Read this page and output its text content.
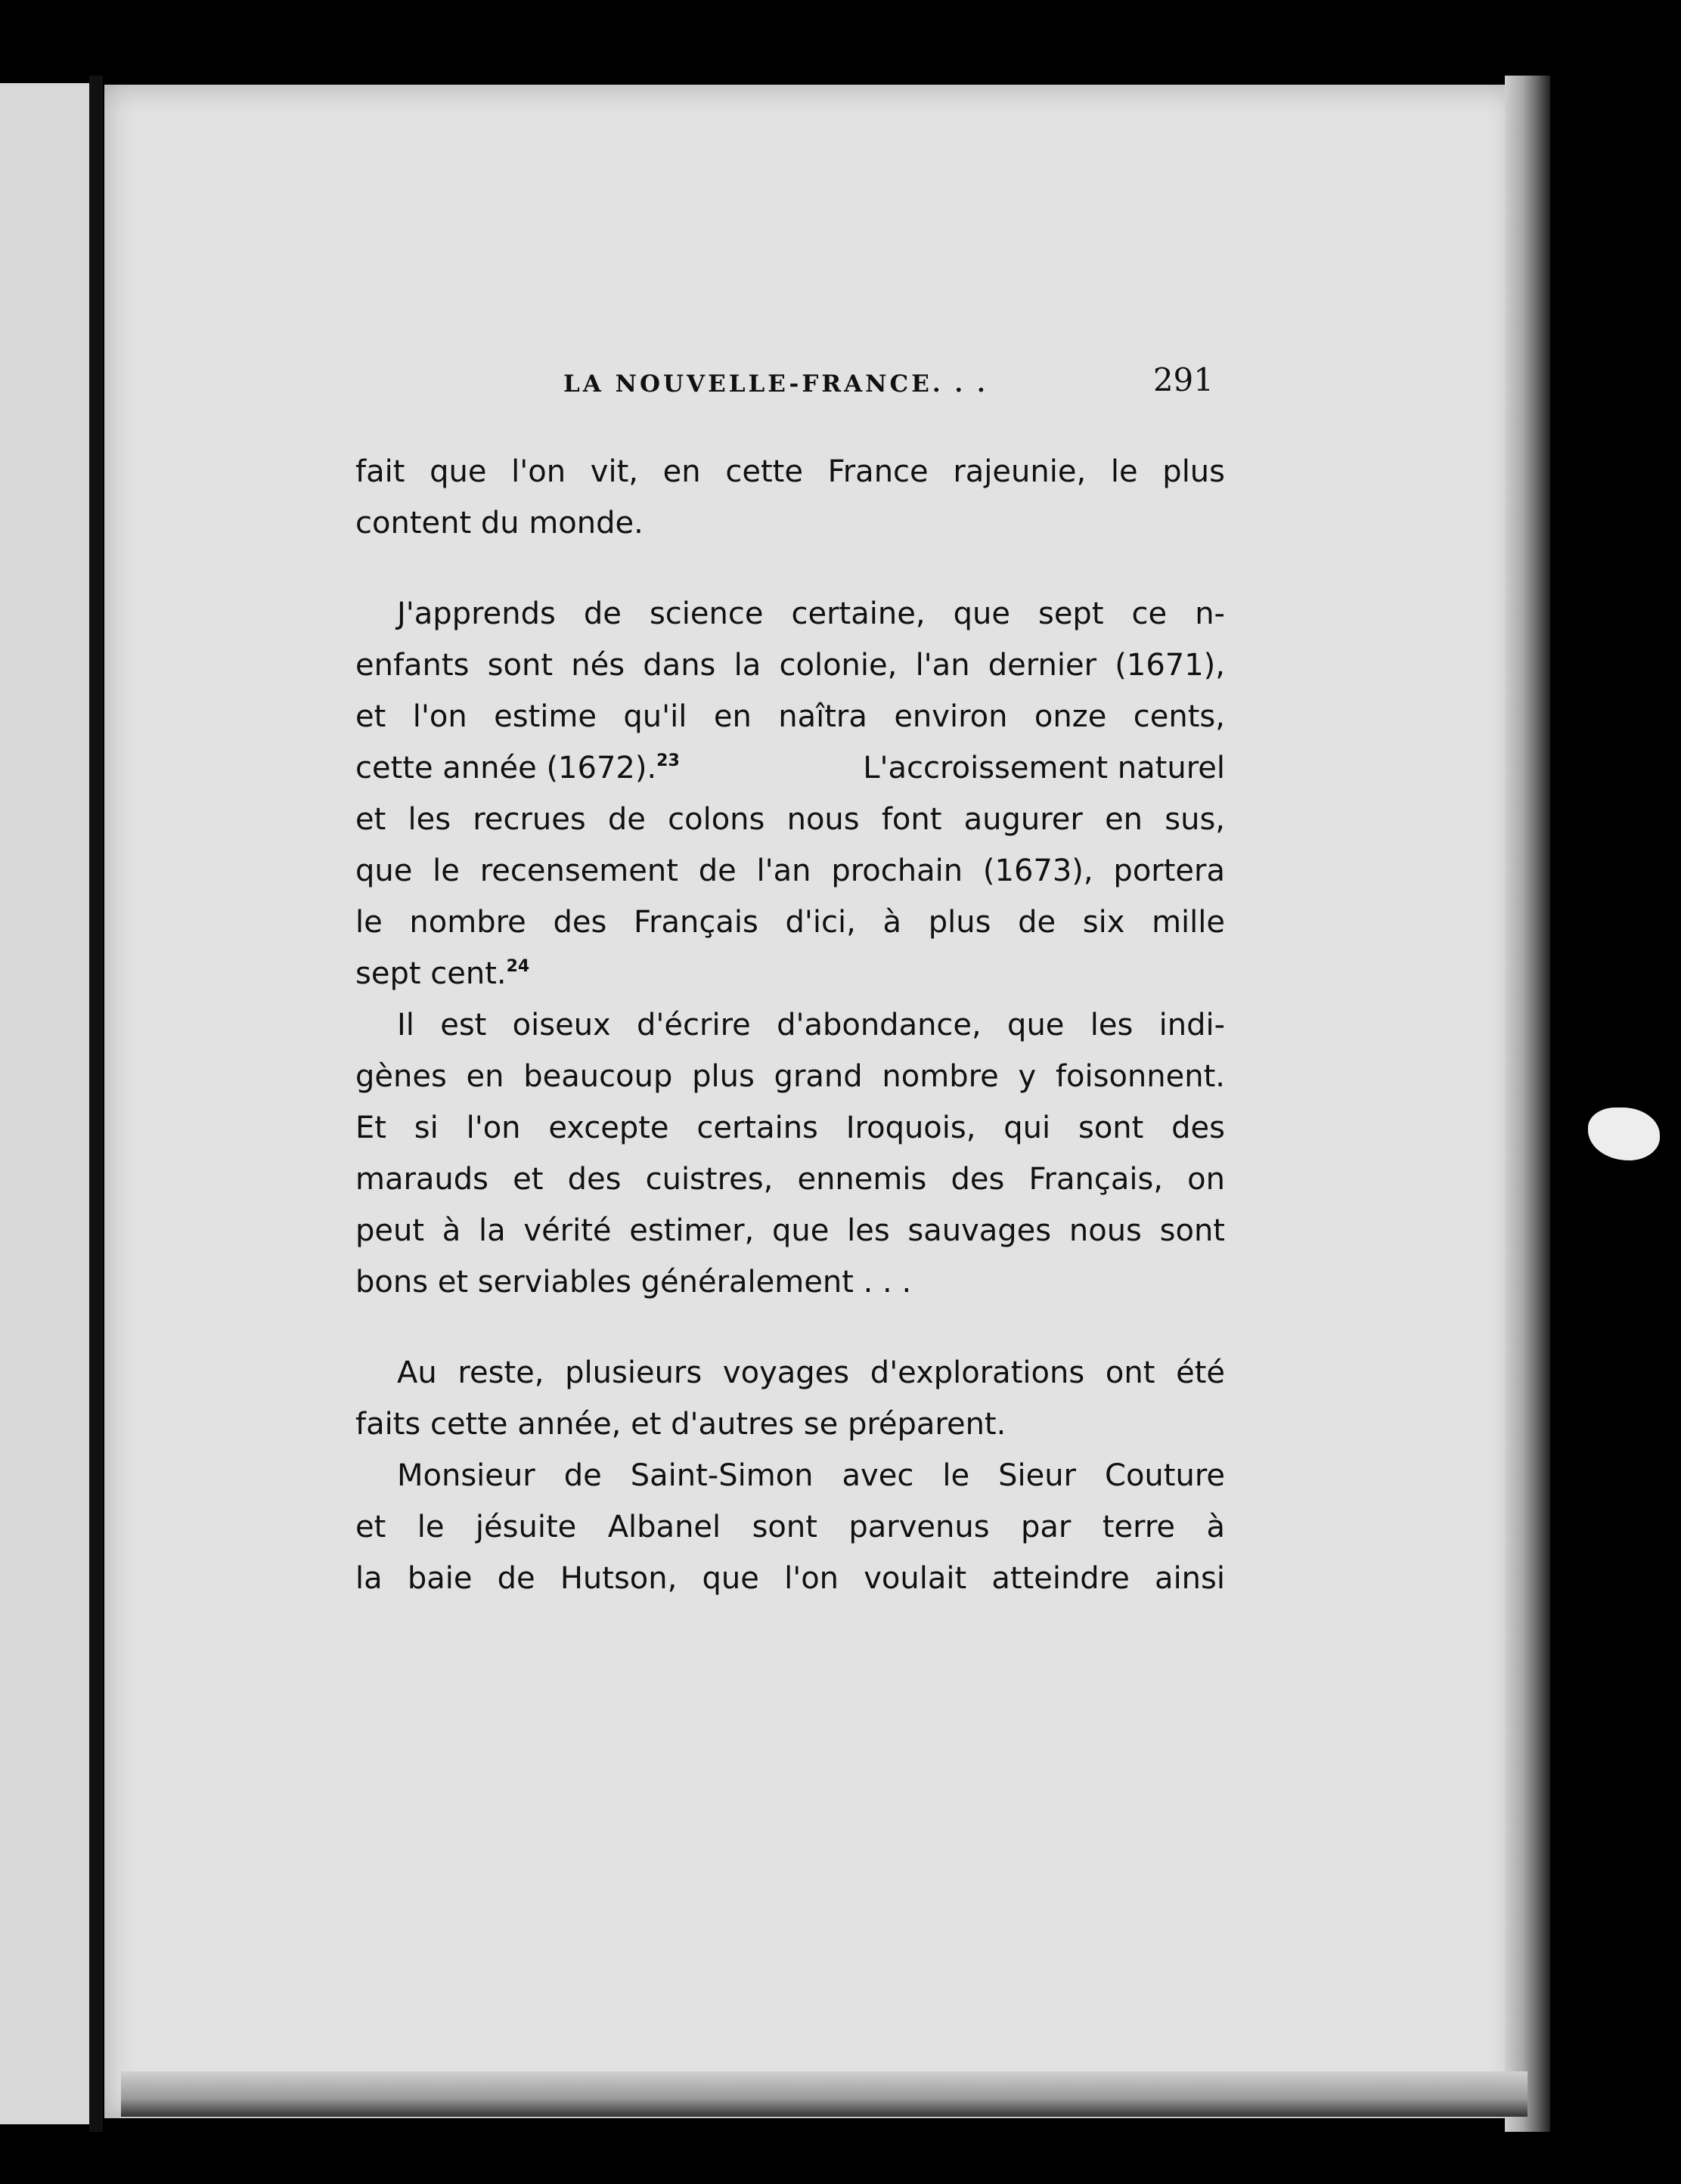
LA NOUVELLE-FRANCE. . .	291
fait que l'on vit, en cette France rajeunie, le plus
content du monde.
J'apprends de science certaine, que sept ce n-
enfants sont nés dans la colonie, l'an dernier (1671),
et l'on estime qu'il en naîtra environ onze cents,
cette année (1672).$^{23}$	L'accroissement naturel
et les recrues de colons nous font augurer en sus,
que le recensement de l'an prochain (1673), portera
le nombre des Français d'ici, à plus de six mille
sept cent.$^{24}$
Il est oiseux d'écrire d'abondance, que les indi-
gènes en beaucoup plus grand nombre y foisonnent.
Et si l'on excepte certains Iroquois, qui sont des
marauds et des cuistres, ennemis des Français, on
peut à la vérité estimer, que les sauvages nous sont
bons et serviables généralement . . .
Au reste, plusieurs voyages d'explorations ont été
faits cette année, et d'autres se préparent.
Monsieur de Saint-Simon avec le Sieur Couture
et le jésuite Albanel sont parvenus par terre à
la baie de Hutson, que l'on voulait atteindre ainsi
